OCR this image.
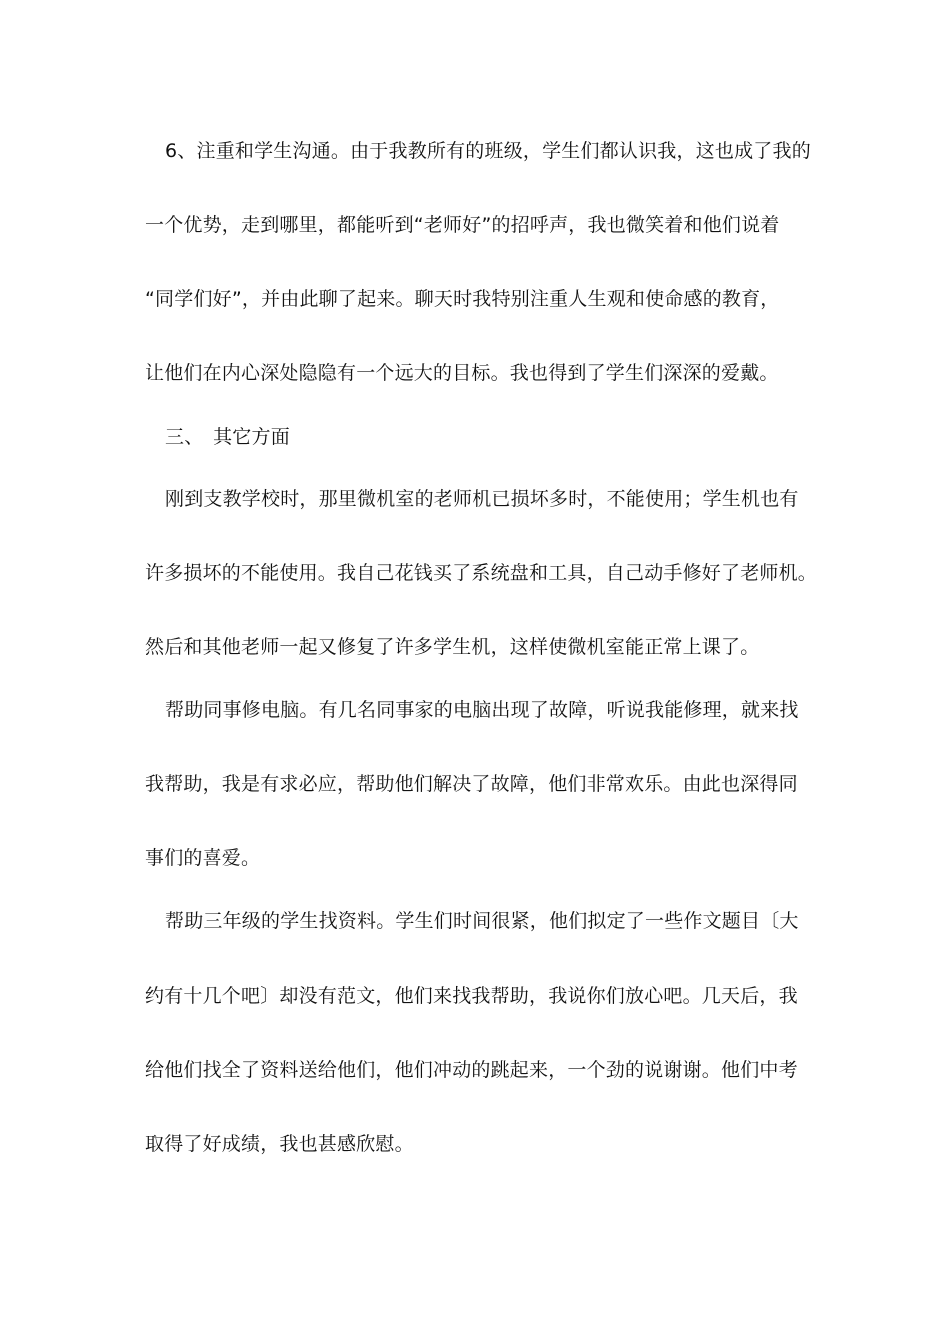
6、注重和学生沟通。由于我教所有的班级，学生们都认识我，这也成了我的
一个优势，走到哪里，都能听到“老师好”的招呼声，我也微笑着和他们说着
“同学们好”，并由此聊了起来。聊天时我特别注重人生观和使命感的教育，
让他们在内心深处隐隐有一个远大的目标。我也得到了学生们深深的爱戴。
三、　其它方面
刚到支教学校时，那里微机室的老师机已损坏多时，不能使用；学生机也有
许多损坏的不能使用。我自己花钱买了系统盘和工具，自己动手修好了老师机。
然后和其他老师一起又修复了许多学生机，这样使微机室能正常上课了。
帮助同事修电脑。有几名同事家的电脑出现了故障，听说我能修理，就来找
我帮助，我是有求必应，帮助他们解决了故障，他们非常欢乐。由此也深得同
事们的喜爱。
帮助三年级的学生找资料。学生们时间很紧，他们拟定了一些作文题目〔大
约有十几个吧〕却没有范文，他们来找我帮助，我说你们放心吧。几天后，我
给他们找全了资料送给他们，他们冲动的跳起来，一个劲的说谢谢。他们中考
取得了好成绩，我也甚感欣慰。
